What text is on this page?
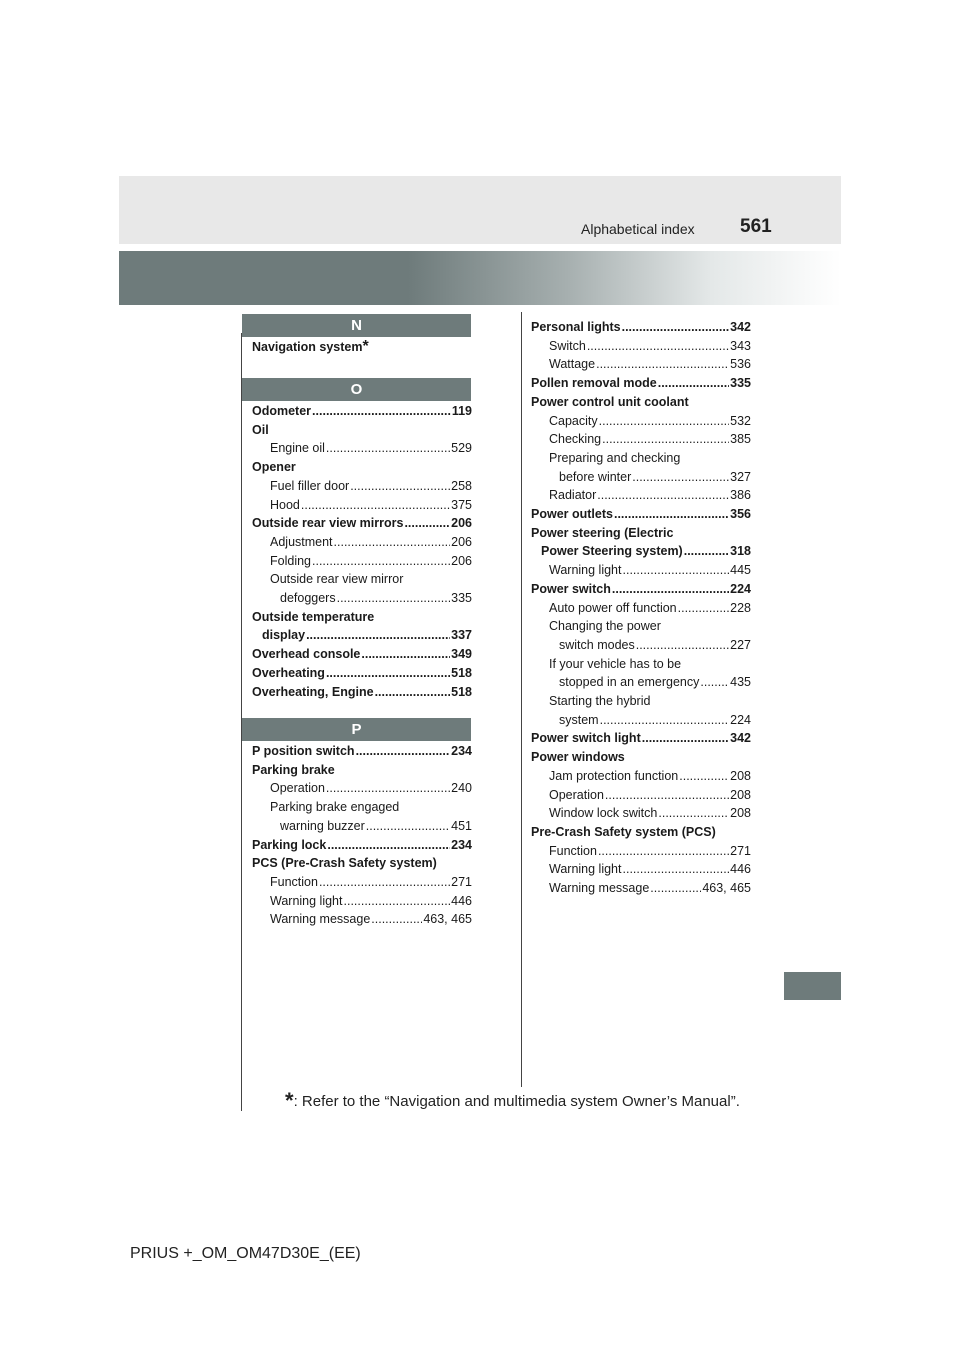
Alphabetical index 561
N
Navigation system *
O
Odometer .....	119
Oil
Engine oil .....	529
Opener
Fuel filler door .....	258
Hood .....	375
Outside rear view mirrors .....	206
Adjustment .....	206
Folding .....	206
Outside rear view mirror
defoggers .....	335
Outside temperature
display .....	337
Overhead console .....	349
Overheating .....	518
Overheating, Engine .....	518
P
P position switch .....	234
Parking brake
Operation .....	240
Parking brake engaged
warning buzzer .....	451
Parking lock .....	234
PCS (Pre-Crash Safety system)
Function .....	271
Warning light .....	446
Warning message .....	463, 465
Personal lights .....	342
Switch .....	343
Wattage .....	536
Pollen removal mode .....	335
Power control unit coolant
Capacity .....	532
Checking .....	385
Preparing and checking
before winter .....	327
Radiator .....	386
Power outlets .....	356
Power steering (Electric
Power Steering system) .....	318
Warning light .....	445
Power switch .....	224
Auto power off function .....	228
Changing the power
switch modes .....	227
If your vehicle has to be
stopped in an emergency ..... 435
Starting the hybrid
system .....	224
Power switch light .....	342
Power windows
Jam protection function .....	208
Operation .....	208
Window lock switch .....	208
Pre-Crash Safety system (PCS)
Function .....	271
Warning light .....	446
Warning message .....	463, 465
*: Refer to the “Navigation and multimedia system Owner’s Manual”.
PRIUS +_OM_OM47D30E_(EE)
